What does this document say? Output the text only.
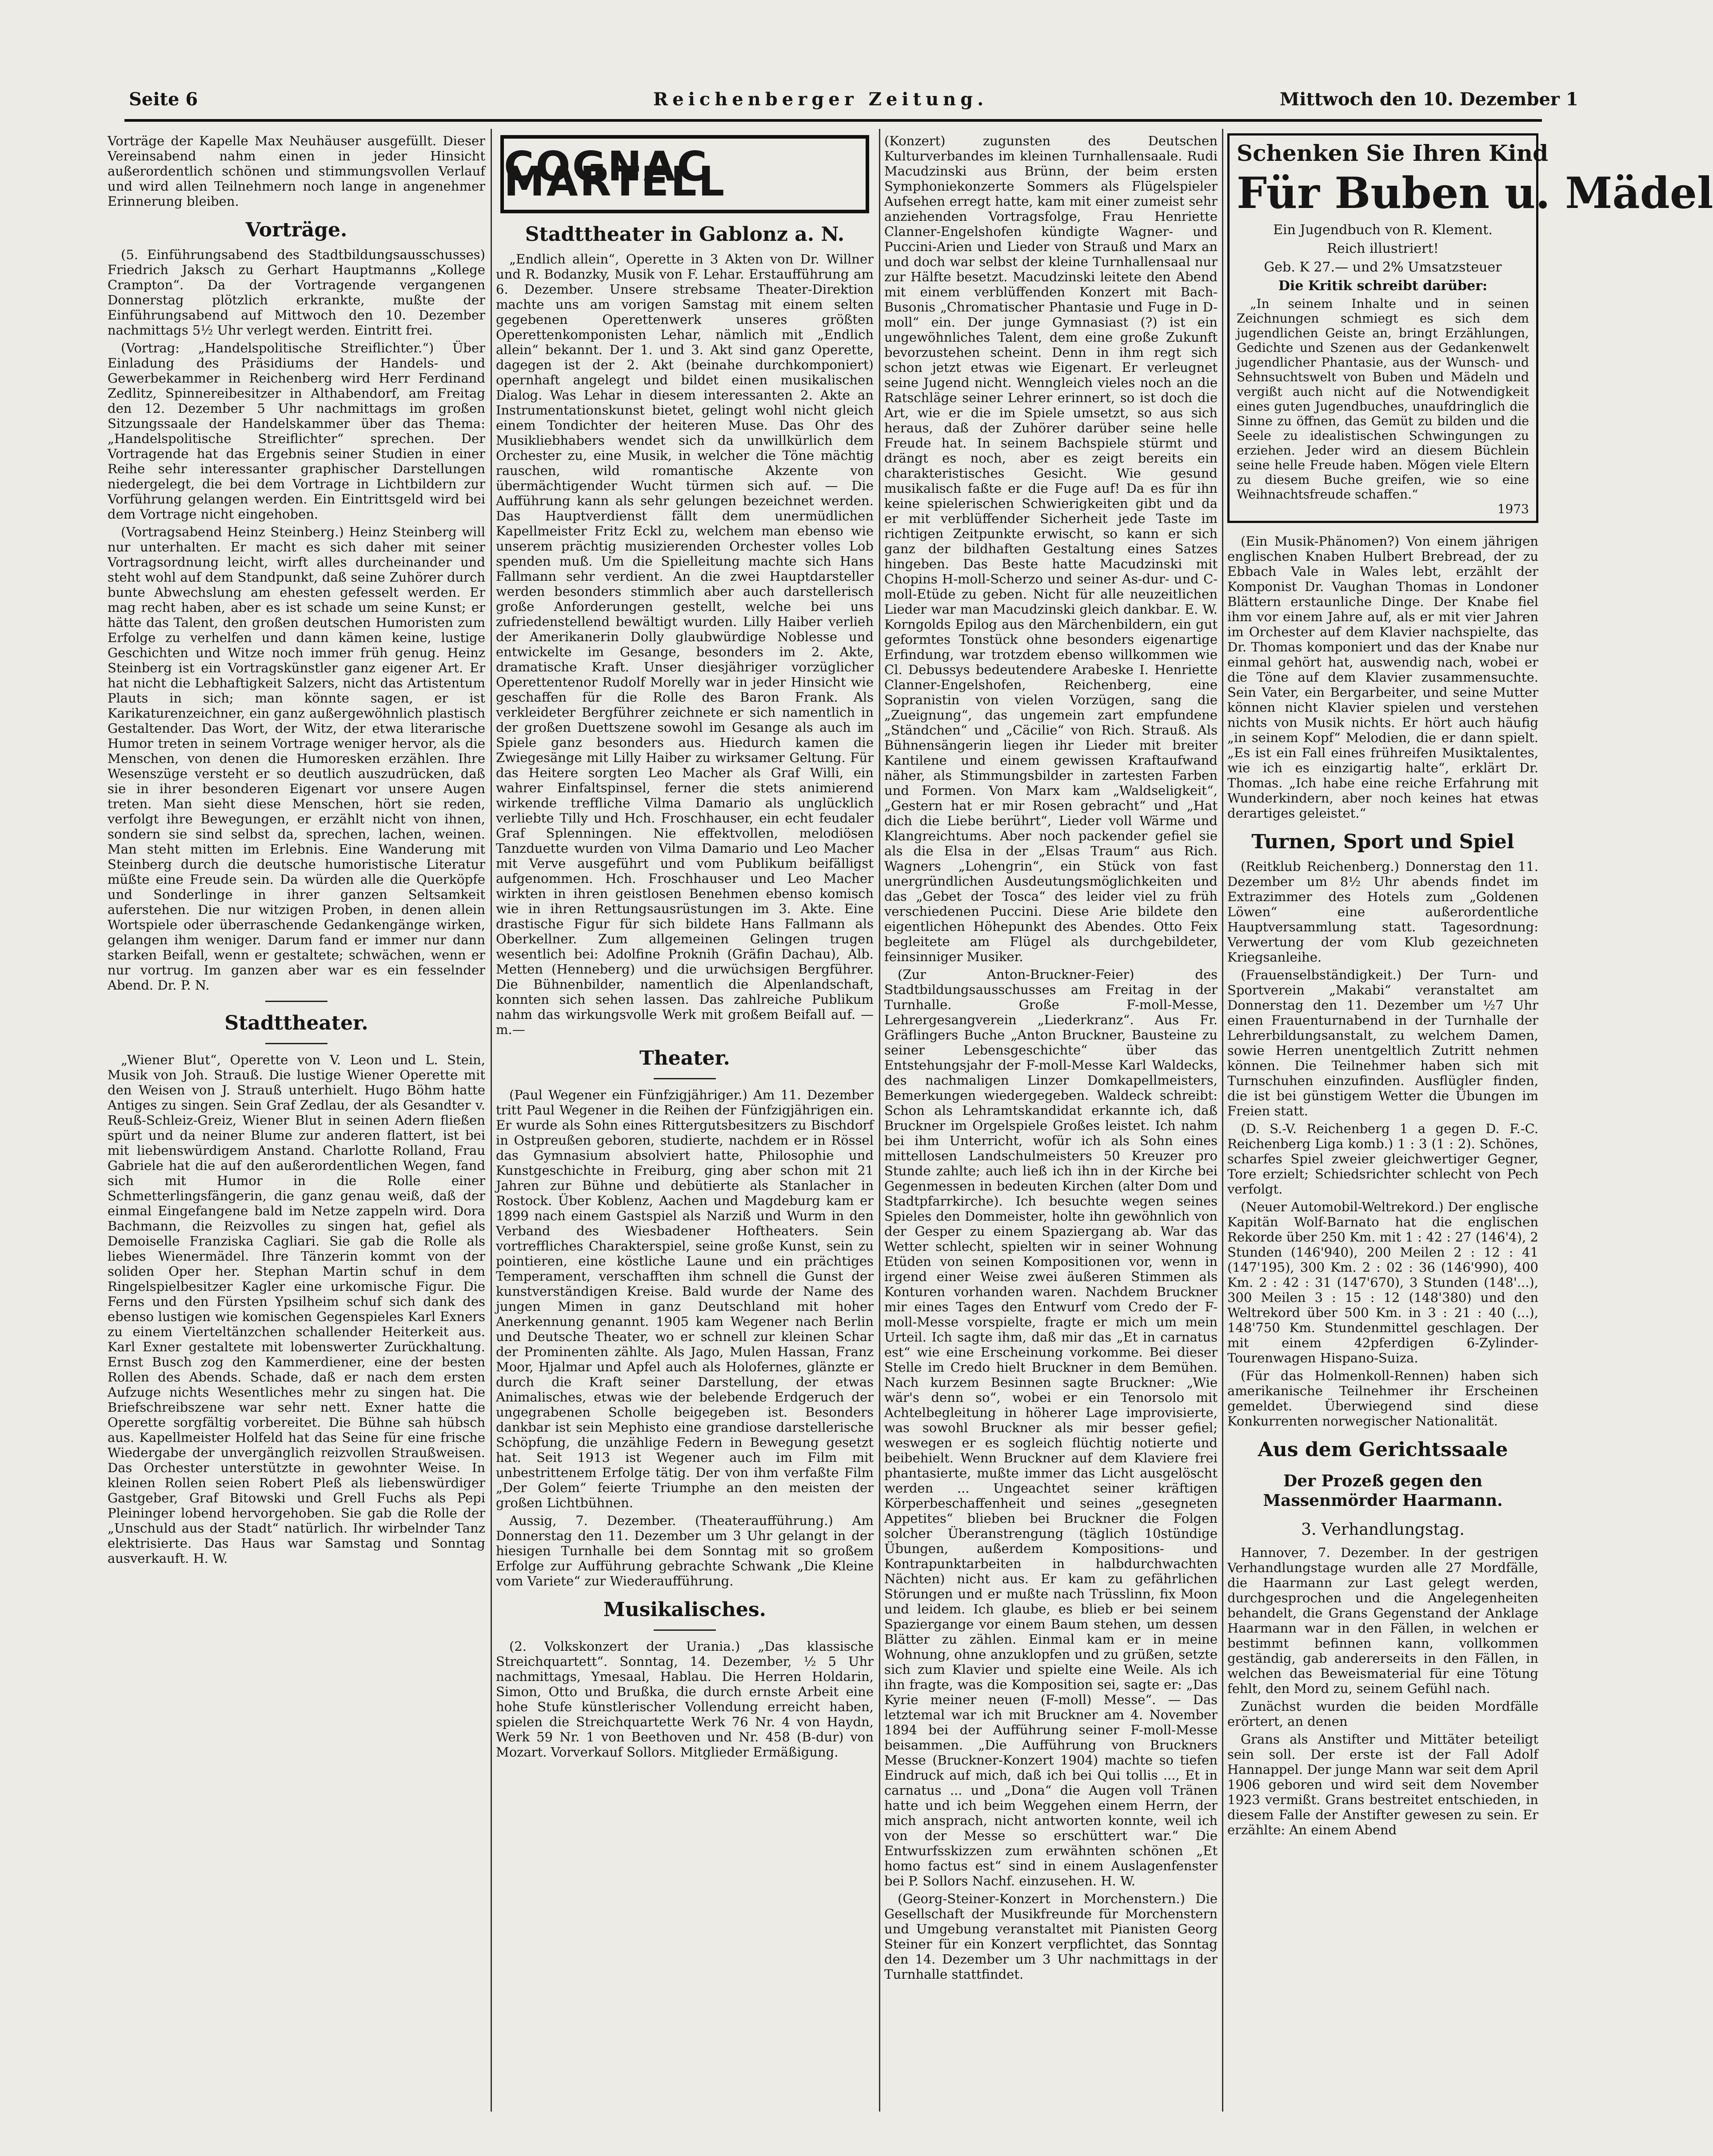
Seite 6	Reichenberger Zeitung.	Mittwoch den 10. Dezember 1

Vorträge der Kapelle Max Neuhäuser ausgefüllt. Dieser Vereinsabend nahm einen in jeder Hinsicht außerordentlich schönen und stimmungsvollen Verlauf und wird allen Teilnehmern noch lange in angenehmer Erinnerung bleiben.

Vorträge.

(5. Einführungsabend des Stadtbildungsausschusses) Friedrich Jaksch zu Gerhart Hauptmanns „Kollege Crampton“. Da der Vortragende vergangenen Donnerstag plötzlich erkrankte, mußte der Einführungsabend auf Mittwoch den 10. Dezember nachmittags 5½ Uhr verlegt werden. Eintritt frei.

(Vortrag: „Handelspolitische Streiflichter.“) Über Einladung des Präsidiums der Handels- und Gewerbekammer in Reichenberg wird Herr Ferdinand Zedlitz, Spinnereibesitzer in Althabendorf, am Freitag den 12. Dezember 5 Uhr nachmittags im großen Sitzungssaale der Handelskammer über das Thema: „Handelspolitische Streiflichter“ sprechen. Der Vortragende hat das Ergebnis seiner Studien in einer Reihe sehr interessanter graphischer Darstellungen niedergelegt, die bei dem Vortrage in Lichtbildern zur Vorführung gelangen werden. Ein Eintrittsgeld wird bei dem Vortrage nicht eingehoben.

(Vortragsabend Heinz Steinberg.) Heinz Steinberg will nur unterhalten. Er macht es sich daher mit seiner Vortragsordnung leicht, wirft alles durcheinander und steht wohl auf dem Standpunkt, daß seine Zuhörer durch bunte Abwechslung am ehesten gefesselt werden. Er mag recht haben, aber es ist schade um seine Kunst; er hätte das Talent, den großen deutschen Humoristen zum Erfolge zu verhelfen und dann kämen keine, lustige Geschichten und Witze noch immer früh genug. Heinz Steinberg ist ein Vortragskünstler ganz eigener Art. Er hat nicht die Lebhaftigkeit Salzers, nicht das Artistentum Plauts in sich; man könnte sagen, er ist Karikaturenzeichner, ein ganz außergewöhnlich plastisch Gestaltender. Das Wort, der Witz, der etwa literarische Humor treten in seinem Vortrage weniger hervor, als die Menschen, von denen die Humoresken erzählen. Ihre Wesenszüge versteht er so deutlich auszudrücken, daß sie in ihrer besonderen Eigenart vor unsere Augen treten. Man sieht diese Menschen, hört sie reden, verfolgt ihre Bewegungen, er erzählt nicht von ihnen, sondern sie sind selbst da, sprechen, lachen, weinen. Man steht mitten im Erlebnis. Eine Wanderung mit Steinberg durch die deutsche humoristische Literatur müßte eine Freude sein. Da würden alle die Querköpfe und Sonderlinge in ihrer ganzen Seltsamkeit auferstehen. Die nur witzigen Proben, in denen allein Wortspiele oder überraschende Gedankengänge wirken, gelangen ihm weniger. Darum fand er immer nur dann starken Beifall, wenn er gestaltete; schwächen, wenn er nur vortrug. Im ganzen aber war es ein fesselnder Abend. Dr. P. N.

Stadttheater.

„Wiener Blut“, Operette von V. Leon und L. Stein, Musik von Joh. Strauß. Die lustige Wiener Operette mit den Weisen von J. Strauß unterhielt. Hugo Böhm hatte Antiges zu singen. Sein Graf Zedlau, der als Gesandter v. Reuß-Schleiz-Greiz, Wiener Blut in seinen Adern fließen spürt und da neiner Blume zur anderen flattert, ist bei mit liebenswürdigem Anstand. Charlotte Rolland, Frau Gabriele hat die auf den außerordentlichen Wegen, fand sich mit Humor in die Rolle einer Schmetterlingsfängerin, die ganz genau weiß, daß der einmal Eingefangene bald im Netze zappeln wird. Dora Bachmann, die Reizvolles zu singen hat, gefiel als Demoiselle Franziska Cagliari. Sie gab die Rolle als liebes Wienermädel. Ihre Tänzerin kommt von der soliden Oper her. Stephan Martin schuf in dem Ringelspielbesitzer Kagler eine urkomische Figur. Die Ferns und den Fürsten Ypsilheim schuf sich dank des ebenso lustigen wie komischen Gegenspieles Karl Exners zu einem Vierteltänzchen schallender Heiterkeit aus. Karl Exner gestaltete mit lobenswerter Zurückhaltung. Ernst Busch zog den Kammerdiener, eine der besten Rollen des Abends. Schade, daß er nach dem ersten Aufzuge nichts Wesentliches mehr zu singen hat. Die Briefschreibszene war sehr nett. Exner hatte die Operette sorgfältig vorbereitet. Die Bühne sah hübsch aus. Kapellmeister Holfeld hat das Seine für eine frische Wiedergabe der unvergänglich reizvollen Straußweisen. Das Orchester unterstützte in gewohnter Weise. In kleinen Rollen seien Robert Pleß als liebenswürdiger Gastgeber, Graf Bitowski und Grell Fuchs als Pepi Pleininger lobend hervorgehoben. Sie gab die Rolle der „Unschuld aus der Stadt“ natürlich. Ihr wirbelnder Tanz elektrisierte. Das Haus war Samstag und Sonntag ausverkauft. H. W.

COGNAC MARTELL
Stadttheater in Gablonz a. N.

„Endlich allein“, Operette in 3 Akten von Dr. Willner und R. Bodanzky, Musik von F. Lehar. Erstaufführung am 6. Dezember. Unsere strebsame Theater-Direktion machte uns am vorigen Samstag mit einem selten gegebenen Operettenwerk unseres größten Operettenkomponisten Lehar, nämlich mit „Endlich allein“ bekannt. Der 1. und 3. Akt sind ganz Operette, dagegen ist der 2. Akt (beinahe durchkomponiert) opernhaft angelegt und bildet einen musikalischen Dialog. Was Lehar in diesem interessanten 2. Akte an Instrumentationskunst bietet, gelingt wohl nicht gleich einem Tondichter der heiteren Muse. Das Ohr des Musikliebhabers wendet sich da unwillkürlich dem Orchester zu, eine Musik, in welcher die Töne mächtig rauschen, wild romantische Akzente von übermächtigender Wucht türmen sich auf. — Die Aufführung kann als sehr gelungen bezeichnet werden. Das Hauptverdienst fällt dem unermüdlichen Kapellmeister Fritz Eckl zu, welchem man ebenso wie unserem prächtig musizierenden Orchester volles Lob spenden muß. Um die Spielleitung machte sich Hans Fallmann sehr verdient. An die zwei Hauptdarsteller werden besonders stimmlich aber auch darstellerisch große Anforderungen gestellt, welche bei uns zufriedenstellend bewältigt wurden. Lilly Haiber verlieh der Amerikanerin Dolly glaubwürdige Noblesse und entwickelte im Gesange, besonders im 2. Akte, dramatische Kraft. Unser diesjähriger vorzüglicher Operettentenor Rudolf Morelly war in jeder Hinsicht wie geschaffen für die Rolle des Baron Frank. Als verkleideter Bergführer zeichnete er sich namentlich in der großen Duettszene sowohl im Gesange als auch im Spiele ganz besonders aus. Hiedurch kamen die Zwiegesänge mit Lilly Haiber zu wirksamer Geltung. Für das Heitere sorgten Leo Macher als Graf Willi, ein wahrer Einfaltspinsel, ferner die stets animierend wirkende treffliche Vilma Damario als unglücklich verliebte Tilly und Hch. Froschhauser, ein echt feudaler Graf Splenningen. Nie effektvollen, melodiösen Tanzduette wurden von Vilma Damario und Leo Macher mit Verve ausgeführt und vom Publikum beifälligst aufgenommen. Hch. Froschhauser und Leo Macher wirkten in ihren geistlosen Benehmen ebenso komisch wie in ihren Rettungsausrüstungen im 3. Akte. Eine drastische Figur für sich bildete Hans Fallmann als Oberkellner. Zum allgemeinen Gelingen trugen wesentlich bei: Adolfine Proknih (Gräfin Dachau), Alb. Metten (Henneberg) und die urwüchsigen Bergführer. Die Bühnenbilder, namentlich die Alpenlandschaft, konnten sich sehen lassen. Das zahlreiche Publikum nahm das wirkungsvolle Werk mit großem Beifall auf. —m.—

Theater.

(Paul Wegener ein Fünfzigjähriger.) Am 11. Dezember tritt Paul Wegener in die Reihen der Fünfzigjährigen ein. Er wurde als Sohn eines Rittergutsbesitzers zu Bischdorf in Ostpreußen geboren, studierte, nachdem er in Rössel das Gymnasium absolviert hatte, Philosophie und Kunstgeschichte in Freiburg, ging aber schon mit 21 Jahren zur Bühne und debütierte als Stanlacher in Rostock. Über Koblenz, Aachen und Magdeburg kam er 1899 nach einem Gastspiel als Narziß und Wurm in den Verband des Wiesbadener Hoftheaters. Sein vortreffliches Charakterspiel, seine große Kunst, sein zu pointieren, eine köstliche Laune und ein prächtiges Temperament, verschafften ihm schnell die Gunst der kunstverständigen Kreise. Bald wurde der Name des jungen Mimen in ganz Deutschland mit hoher Anerkennung genannt. 1905 kam Wegener nach Berlin und Deutsche Theater, wo er schnell zur kleinen Schar der Prominenten zählte. Als Jago, Mulen Hassan, Franz Moor, Hjalmar und Apfel auch als Holofernes, glänzte er durch die Kraft seiner Darstellung, der etwas Animalisches, etwas wie der belebende Erdgeruch der ungegrabenen Scholle beigegeben ist. Besonders dankbar ist sein Mephisto eine grandiose darstellerische Schöpfung, die unzählige Federn in Bewegung gesetzt hat. Seit 1913 ist Wegener auch im Film mit unbestrittenem Erfolge tätig. Der von ihm verfaßte Film „Der Golem“ feierte Triumphe an den meisten der großen Lichtbühnen.

Aussig, 7. Dezember. (Theateraufführung.) Am Donnerstag den 11. Dezember um 3 Uhr gelangt in der hiesigen Turnhalle bei dem Sonntag mit so großem Erfolge zur Aufführung gebrachte Schwank „Die Kleine vom Variete“ zur Wiederaufführung.

Musikalisches.

(2. Volkskonzert der Urania.) „Das klassische Streichquartett“. Sonntag, 14. Dezember, ½ 5 Uhr nachmittags, Ymesaal, Hablau. Die Herren Holdarin, Simon, Otto und Brußka, die durch ernste Arbeit eine hohe Stufe künstlerischer Vollendung erreicht haben, spielen die Streichquartette Werk 76 Nr. 4 von Haydn, Werk 59 Nr. 1 von Beethoven und Nr. 458 (B-dur) von Mozart. Vorverkauf Sollors. Mitglieder Ermäßigung.

(Konzert) zugunsten des Deutschen Kulturverbandes im kleinen Turnhallensaale. Rudi Macudzinski aus Brünn, der beim ersten Symphoniekonzerte Sommers als Flügelspieler Aufsehen erregt hatte, kam mit einer zumeist sehr anziehenden Vortragsfolge, Frau Henriette Clanner-Engelshofen kündigte Wagner- und Puccini-Arien und Lieder von Strauß und Marx an und doch war selbst der kleine Turnhallensaal nur zur Hälfte besetzt. Macudzinski leitete den Abend mit einem verblüffenden Konzert mit Bach-Busonis „Chromatischer Phantasie und Fuge in D-moll“ ein. Der junge Gymnasiast (?) ist ein ungewöhnliches Talent, dem eine große Zukunft bevorzustehen scheint. Denn in ihm regt sich schon jetzt etwas wie Eigenart. Er verleugnet seine Jugend nicht. Wenngleich vieles noch an die Ratschläge seiner Lehrer erinnert, so ist doch die Art, wie er die im Spiele umsetzt, so aus sich heraus, daß der Zuhörer darüber seine helle Freude hat. In seinem Bachspiele stürmt und drängt es noch, aber es zeigt bereits ein charakteristisches Gesicht. Wie gesund musikalisch faßte er die Fuge auf! Da es für ihn keine spielerischen Schwierigkeiten gibt und da er mit verblüffender Sicherheit jede Taste im richtigen Zeitpunkte erwischt, so kann er sich ganz der bildhaften Gestaltung eines Satzes hingeben. Das Beste hatte Macudzinski mit Chopins H-moll-Scherzo und seiner As-dur- und C-moll-Etüde zu geben. Nicht für alle neuzeitlichen Lieder war man Macudzinski gleich dankbar. E. W. Korngolds Epilog aus den Märchenbildern, ein gut geformtes Tonstück ohne besonders eigenartige Erfindung, war trotzdem ebenso willkommen wie Cl. Debussys bedeutendere Arabeske I. Henriette Clanner-Engelshofen, Reichenberg, eine Sopranistin von vielen Vorzügen, sang die „Zueignung“, das ungemein zart empfundene „Ständchen“ und „Cäcilie“ von Rich. Strauß. Als Bühnensängerin liegen ihr Lieder mit breiter Kantilene und einem gewissen Kraftaufwand näher, als Stimmungsbilder in zartesten Farben und Formen. Von Marx kam „Waldseligkeit“, „Gestern hat er mir Rosen gebracht“ und „Hat dich die Liebe berührt“, Lieder voll Wärme und Klangreichtums. Aber noch packender gefiel sie als die Elsa in der „Elsas Traum“ aus Rich. Wagners „Lohengrin“, ein Stück von fast unergründlichen Ausdeutungsmöglichkeiten und das „Gebet der Tosca“ des leider viel zu früh verschiedenen Puccini. Diese Arie bildete den eigentlichen Höhepunkt des Abendes. Otto Feix begleitete am Flügel als durchgebildeter, feinsinniger Musiker.

(Zur Anton-Bruckner-Feier) des Stadtbildungsausschusses am Freitag in der Turnhalle. Große F-moll-Messe, Lehrergesangverein „Liederkranz“. Aus Fr. Gräflingers Buche „Anton Bruckner, Bausteine zu seiner Lebensgeschichte“ über das Entstehungsjahr der F-moll-Messe Karl Waldecks, des nachmaligen Linzer Domkapellmeisters, Bemerkungen wiedergegeben. Waldeck schreibt: Schon als Lehramtskandidat erkannte ich, daß Bruckner im Orgelspiele Großes leistet. Ich nahm bei ihm Unterricht, wofür ich als Sohn eines mittellosen Landschulmeisters 50 Kreuzer pro Stunde zahlte; auch ließ ich ihn in der Kirche bei Gegenmessen in bedeuten Kirchen (alter Dom und Stadtpfarrkirche). Ich besuchte wegen seines Spieles den Dommeister, holte ihn gewöhnlich von der Gesper zu einem Spaziergang ab. War das Wetter schlecht, spielten wir in seiner Wohnung Etüden von seinen Kompositionen vor, wenn in irgend einer Weise zwei äußeren Stimmen als Konturen vorhanden waren. Nachdem Bruckner mir eines Tages den Entwurf vom Credo der F-moll-Messe vorspielte, fragte er mich um mein Urteil. Ich sagte ihm, daß mir das „Et in carnatus est“ wie eine Erscheinung vorkomme. Bei dieser Stelle im Credo hielt Bruckner in dem Bemühen. Nach kurzem Besinnen sagte Bruckner: „Wie wär's denn so“, wobei er ein Tenorsolo mit Achtelbegleitung in höherer Lage improvisierte, was sowohl Bruckner als mir besser gefiel; weswegen er es sogleich flüchtig notierte und beibehielt. Wenn Bruckner auf dem Klaviere frei phantasierte, mußte immer das Licht ausgelöscht werden ... Ungeachtet seiner kräftigen Körperbeschaffenheit und seines „gesegneten Appetites“ blieben bei Bruckner die Folgen solcher Überanstrengung (täglich 10stündige Übungen, außerdem Kompositions- und Kontrapunktarbeiten in halbdurchwachten Nächten) nicht aus. Er kam zu gefährlichen Störungen und er mußte nach Trüsslinn, fix Moon und leidem. Ich glaube, es blieb er bei seinem Spaziergange vor einem Baum stehen, um dessen Blätter zu zählen. Einmal kam er in meine Wohnung, ohne anzuklopfen und zu grüßen, setzte sich zum Klavier und spielte eine Weile. Als ich ihn fragte, was die Komposition sei, sagte er: „Das Kyrie meiner neuen (F-moll) Messe“. — Das letztemal war ich mit Bruckner am 4. November 1894 bei der Aufführung seiner F-moll-Messe beisammen. „Die Aufführung von Bruckners Messe (Bruckner-Konzert 1904) machte so tiefen Eindruck auf mich, daß ich bei Qui tollis ..., Et in carnatus ... und „Dona“ die Augen voll Tränen hatte und ich beim Weggehen einem Herrn, der mich ansprach, nicht antworten konnte, weil ich von der Messe so erschüttert war.“ Die Entwurfsskizzen zum erwähnten schönen „Et homo factus est“ sind in einem Auslagenfenster bei P. Sollors Nachf. einzusehen. H. W.

(Georg-Steiner-Konzert in Morchenstern.) Die Gesellschaft der Musikfreunde für Morchenstern und Umgebung veranstaltet mit Pianisten Georg Steiner für ein Konzert verpflichtet, das Sonntag den 14. Dezember um 3 Uhr nachmittags in der Turnhalle stattfindet.

Schenken Sie Ihren Kind
Für Buben u. Mädel
Ein Jugendbuch von R. Klement.
Reich illustriert!
Geb. K 27.— und 2% Umsatzsteuer
Die Kritik schreibt darüber:
„In seinem Inhalte und in seinen Zeichnungen schmiegt es sich dem jugendlichen Geiste an, bringt Erzählungen, Gedichte und Szenen aus der Gedankenwelt jugendlicher Phantasie, aus der Wunsch- und Sehnsuchtswelt von Buben und Mädeln und vergißt auch nicht auf die Notwendigkeit eines guten Jugendbuches, unaufdringlich die Sinne zu öffnen, das Gemüt zu bilden und die Seele zu idealistischen Schwingungen zu erziehen. Jeder wird an diesem Büchlein seine helle Freude haben. Mögen viele Eltern zu diesem Buche greifen, wie so eine Weihnachtsfreude schaffen.“
1973

(Ein Musik-Phänomen?) Von einem jährigen englischen Knaben Hulbert Brebread, der zu Ebbach Vale in Wales lebt, erzählt der Komponist Dr. Vaughan Thomas in Londoner Blättern erstaunliche Dinge. Der Knabe fiel ihm vor einem Jahre auf, als er mit vier Jahren im Orchester auf dem Klavier nachspielte, das Dr. Thomas komponiert und das der Knabe nur einmal gehört hat, auswendig nach, wobei er die Töne auf dem Klavier zusammensuchte. Sein Vater, ein Bergarbeiter, und seine Mutter können nicht Klavier spielen und verstehen nichts von Musik nichts. Er hört auch häufig „in seinem Kopf“ Melodien, die er dann spielt. „Es ist ein Fall eines frühreifen Musiktalentes, wie ich es einzigartig halte“, erklärt Dr. Thomas. „Ich habe eine reiche Erfahrung mit Wunderkindern, aber noch keines hat etwas derartiges geleistet.“

Turnen, Sport und Spiel

(Reitklub Reichenberg.) Donnerstag den 11. Dezember um 8½ Uhr abends findet im Extrazimmer des Hotels zum „Goldenen Löwen“ eine außerordentliche Hauptversammlung statt. Tagesordnung: Verwertung der vom Klub gezeichneten Kriegsanleihe.

(Frauenselbständigkeit.) Der Turn- und Sportverein „Makabi“ veranstaltet am Donnerstag den 11. Dezember um ½7 Uhr einen Frauenturnabend in der Turnhalle der Lehrerbildungsanstalt, zu welchem Damen, sowie Herren unentgeltlich Zutritt nehmen können. Die Teilnehmer haben sich mit Turnschuhen einzufinden. Ausflügler finden, die ist bei günstigem Wetter die Übungen im Freien statt.

(D. S.-V. Reichenberg 1 a gegen D. F.-C. Reichenberg Liga komb.) 1 : 3 (1 : 2). Schönes, scharfes Spiel zweier gleichwertiger Gegner, Tore erzielt; Schiedsrichter schlecht von Pech verfolgt.

(Neuer Automobil-Weltrekord.) Der englische Kapitän Wolf-Barnato hat die englischen Rekorde über 250 Km. mit 1 : 42 : 27 (146'4), 2 Stunden (146'940), 200 Meilen 2 : 12 : 41 (147'195), 300 Km. 2 : 02 : 36 (146'990), 400 Km. 2 : 42 : 31 (147'670), 3 Stunden (148'...), 300 Meilen 3 : 15 : 12 (148'380) und den Weltrekord über 500 Km. in 3 : 21 : 40 (...), 148'750 Km. Stundenmittel geschlagen. Der mit einem 42pferdigen 6-Zylinder-Tourenwagen Hispano-Suiza.

(Für das Holmenkoll-Rennen) haben sich amerikanische Teilnehmer ihr Erscheinen gemeldet. Überwiegend sind diese Konkurrenten norwegischer Nationalität.

Aus dem Gerichtssaale
Der Prozeß gegen den Massenmörder Haarmann.
3. Verhandlungstag.

Hannover, 7. Dezember. In der gestrigen Verhandlungstage wurden alle 27 Mordfälle, die Haarmann zur Last gelegt werden, durchgesprochen und die Angelegenheiten behandelt, die Grans Gegenstand der Anklage Haarmann war in den Fällen, in welchen er bestimmt befinnen kann, vollkommen geständig, gab andererseits in den Fällen, in welchen das Beweismaterial für eine Tötung fehlt, den Mord zu, seinem Gefühl nach.

Zunächst wurden die beiden Mordfälle erörtert, an denen

Grans als Anstifter und Mittäter beteiligt sein soll. Der erste ist der Fall Adolf Hannappel. Der junge Mann war seit dem April 1906 geboren und wird seit dem November 1923 vermißt. Grans bestreitet entschieden, in diesem Falle der Anstifter gewesen zu sein. Er erzählte: An einem Abend
